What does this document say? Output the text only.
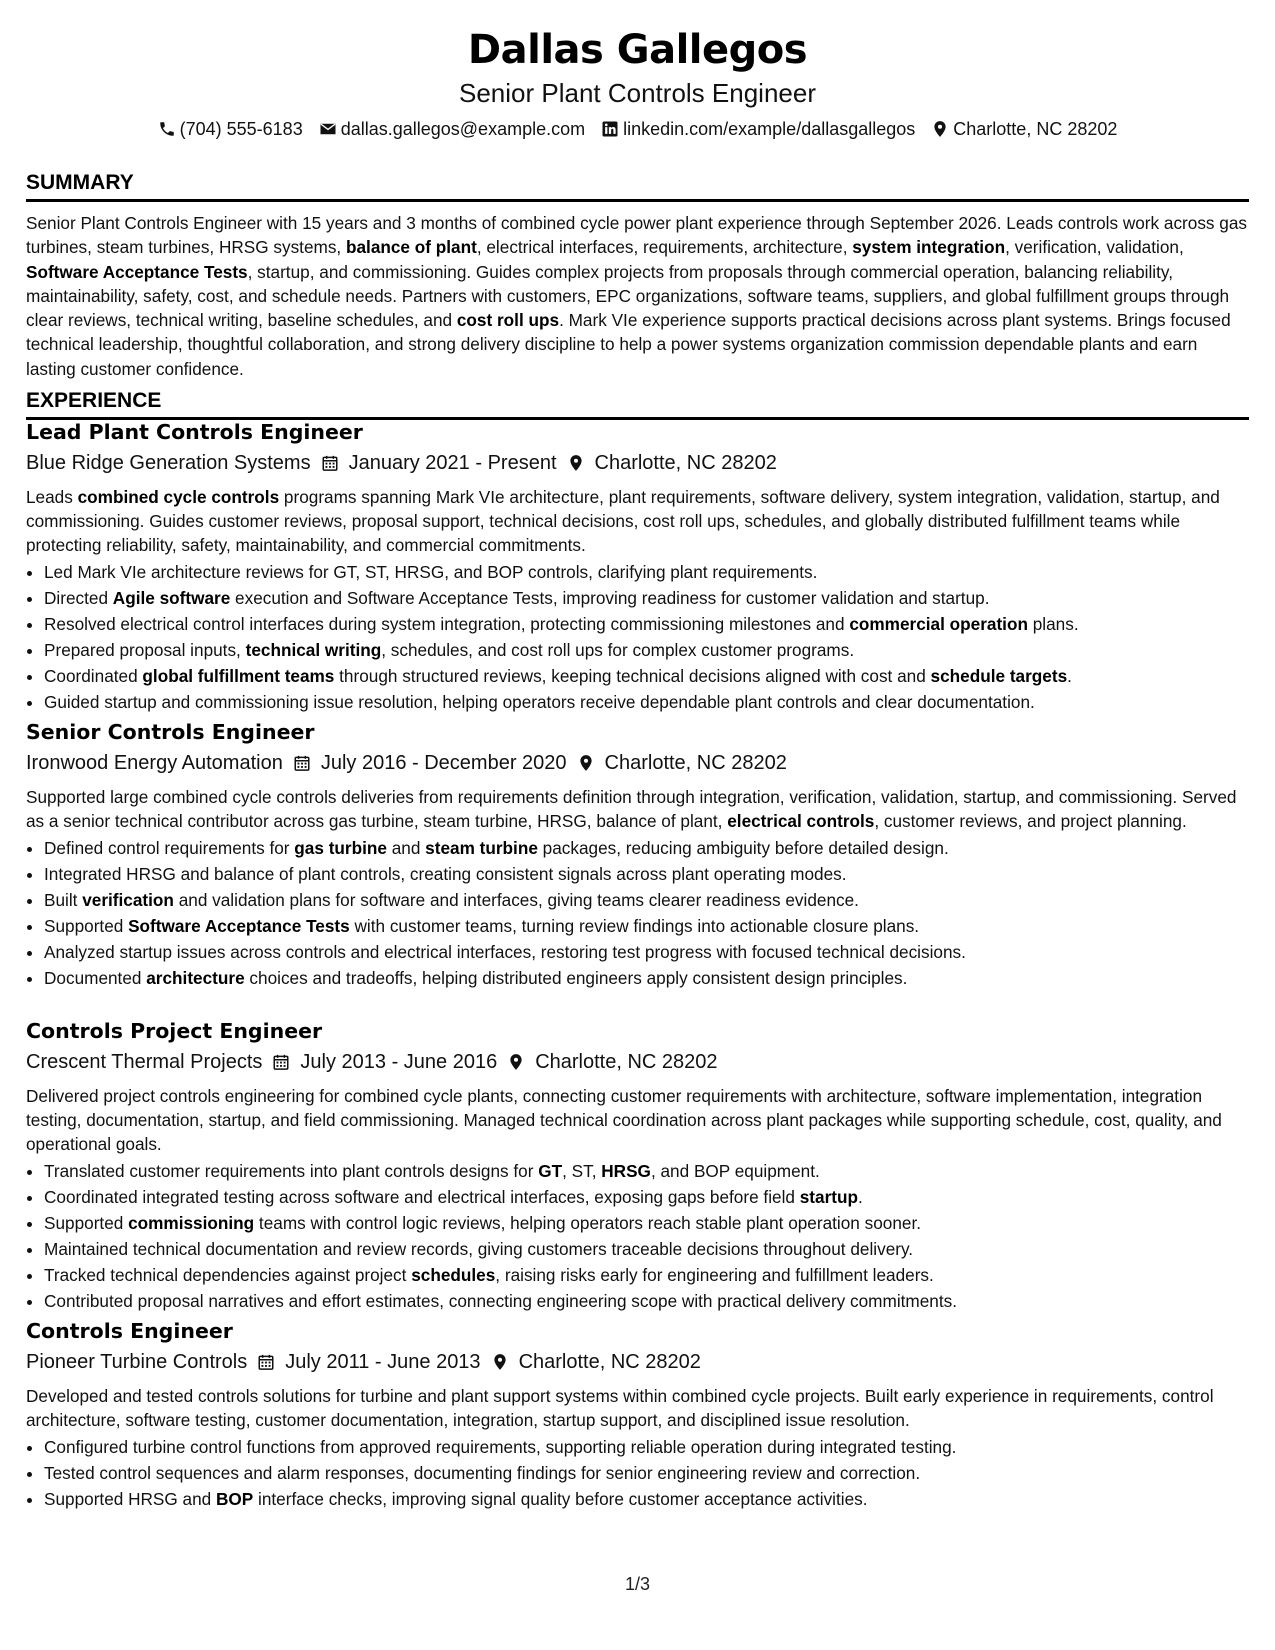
Dallas Gallegos
Senior Plant Controls Engineer
(704) 555-6183 dallas.gallegos@example.com linkedin.com/example/dallasgallegos Charlotte, NC 28202
SUMMARY
Senior Plant Controls Engineer with 15 years and 3 months of combined cycle power plant experience through September 2026. Leads controls work across gas turbines, steam turbines, HRSG systems, balance of plant, electrical interfaces, requirements, architecture, system integration, verification, validation, Software Acceptance Tests, startup, and commissioning. Guides complex projects from proposals through commercial operation, balancing reliability, maintainability, safety, cost, and schedule needs. Partners with customers, EPC organizations, software teams, suppliers, and global fulfillment groups through clear reviews, technical writing, baseline schedules, and cost roll ups. Mark VIe experience supports practical decisions across plant systems. Brings focused technical leadership, thoughtful collaboration, and strong delivery discipline to help a power systems organization commission dependable plants and earn lasting customer confidence.
EXPERIENCE
Lead Plant Controls Engineer
Blue Ridge Generation Systems January 2021 - Present Charlotte, NC 28202
Leads combined cycle controls programs spanning Mark VIe architecture, plant requirements, software delivery, system integration, validation, startup, and commissioning. Guides customer reviews, proposal support, technical decisions, cost roll ups, schedules, and globally distributed fulfillment teams while protecting reliability, safety, maintainability, and commercial commitments.
• Led Mark VIe architecture reviews for GT, ST, HRSG, and BOP controls, clarifying plant requirements.
• Directed Agile software execution and Software Acceptance Tests, improving readiness for customer validation and startup.
• Resolved electrical control interfaces during system integration, protecting commissioning milestones and commercial operation plans.
• Prepared proposal inputs, technical writing, schedules, and cost roll ups for complex customer programs.
• Coordinated global fulfillment teams through structured reviews, keeping technical decisions aligned with cost and schedule targets.
• Guided startup and commissioning issue resolution, helping operators receive dependable plant controls and clear documentation.
Senior Controls Engineer
Ironwood Energy Automation July 2016 - December 2020 Charlotte, NC 28202
Supported large combined cycle controls deliveries from requirements definition through integration, verification, validation, startup, and commissioning. Served as a senior technical contributor across gas turbine, steam turbine, HRSG, balance of plant, electrical controls, customer reviews, and project planning.
• Defined control requirements for gas turbine and steam turbine packages, reducing ambiguity before detailed design.
• Integrated HRSG and balance of plant controls, creating consistent signals across plant operating modes.
• Built verification and validation plans for software and interfaces, giving teams clearer readiness evidence.
• Supported Software Acceptance Tests with customer teams, turning review findings into actionable closure plans.
• Analyzed startup issues across controls and electrical interfaces, restoring test progress with focused technical decisions.
• Documented architecture choices and tradeoffs, helping distributed engineers apply consistent design principles.
Controls Project Engineer
Crescent Thermal Projects July 2013 - June 2016 Charlotte, NC 28202
Delivered project controls engineering for combined cycle plants, connecting customer requirements with architecture, software implementation, integration testing, documentation, startup, and field commissioning. Managed technical coordination across plant packages while supporting schedule, cost, quality, and operational goals.
• Translated customer requirements into plant controls designs for GT, ST, HRSG, and BOP equipment.
• Coordinated integrated testing across software and electrical interfaces, exposing gaps before field startup.
• Supported commissioning teams with control logic reviews, helping operators reach stable plant operation sooner.
• Maintained technical documentation and review records, giving customers traceable decisions throughout delivery.
• Tracked technical dependencies against project schedules, raising risks early for engineering and fulfillment leaders.
• Contributed proposal narratives and effort estimates, connecting engineering scope with practical delivery commitments.
Controls Engineer
Pioneer Turbine Controls July 2011 - June 2013 Charlotte, NC 28202
Developed and tested controls solutions for turbine and plant support systems within combined cycle projects. Built early experience in requirements, control architecture, software testing, customer documentation, integration, startup support, and disciplined issue resolution.
• Configured turbine control functions from approved requirements, supporting reliable operation during integrated testing.
• Tested control sequences and alarm responses, documenting findings for senior engineering review and correction.
• Supported HRSG and BOP interface checks, improving signal quality before customer acceptance activities.
1/3
